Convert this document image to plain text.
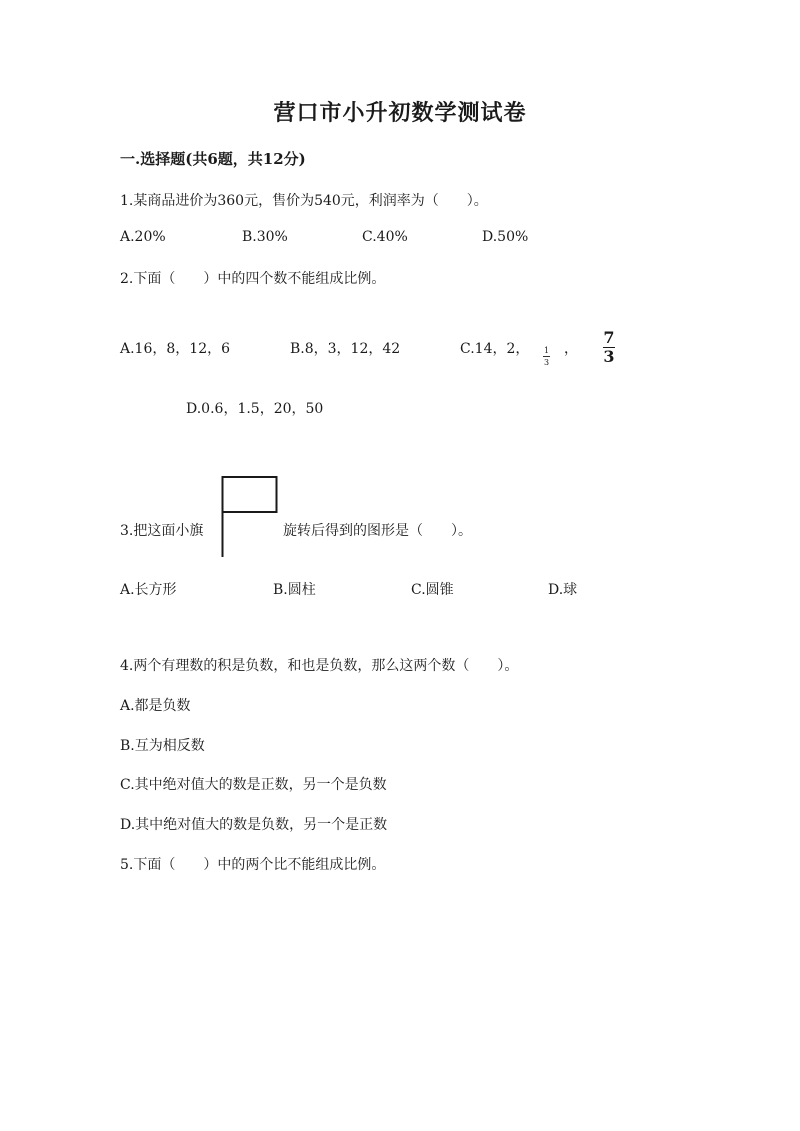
营口市小升初数学测试卷
一.选择题(共6题，共12分)
1.某商品进价为360元，售价为540元，利润率为（　　）。
A.20%	B.30%	C.40%	D.50%
2.下面（　　）中的四个数不能组成比例。
A.16，8，12，6	B.8，3，12，42	C.14，2， 1
3
，
7
3
D.0.6，1.5，20，50
3.把这面小旗	旋转后得到的图形是（　　）。
A.长方形	B.圆柱	C.圆锥	D.球
4.两个有理数的积是负数，和也是负数，那么这两个数（　　）。
A.都是负数
B.互为相反数
C.其中绝对值大的数是正数，另一个是负数
D.其中绝对值大的数是负数，另一个是正数
5.下面（　　）中的两个比不能组成比例。
